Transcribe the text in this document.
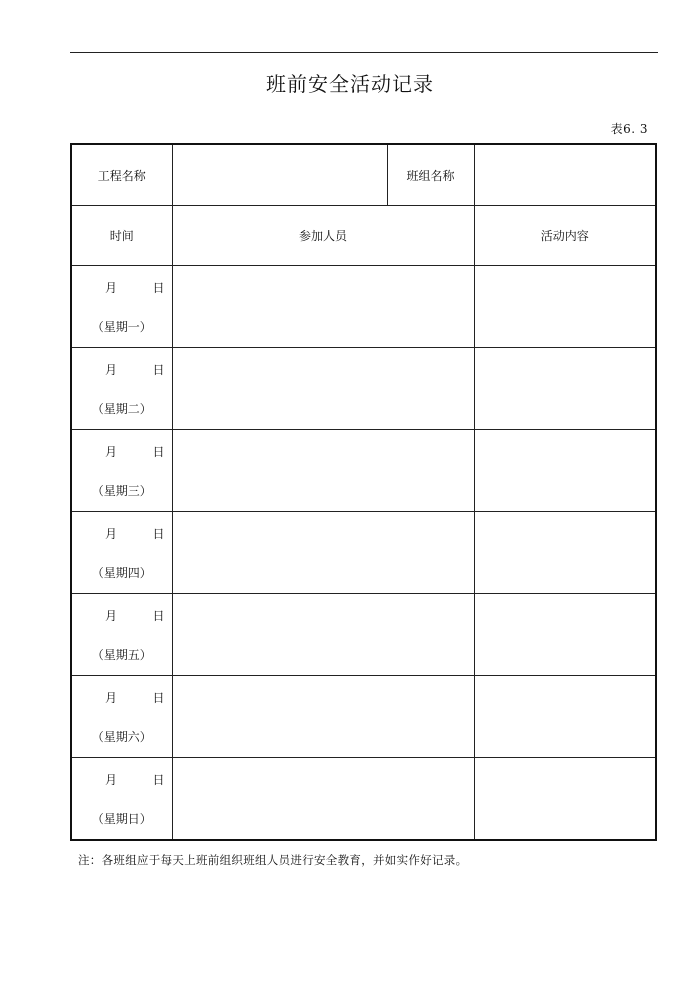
班前安全活动记录
表6. 3
工程名称		班组名称	
时间	参加人员		活动内容

月 日
（星期一）			

月 日
（星期二）			

月 日
（星期三）			

月 日
（星期四）			

月 日
（星期五）			

月 日
（星期六）			

月 日
（星期日）			

注：各班组应于每天上班前组织班组人员进行安全教育，并如实作好记录。
